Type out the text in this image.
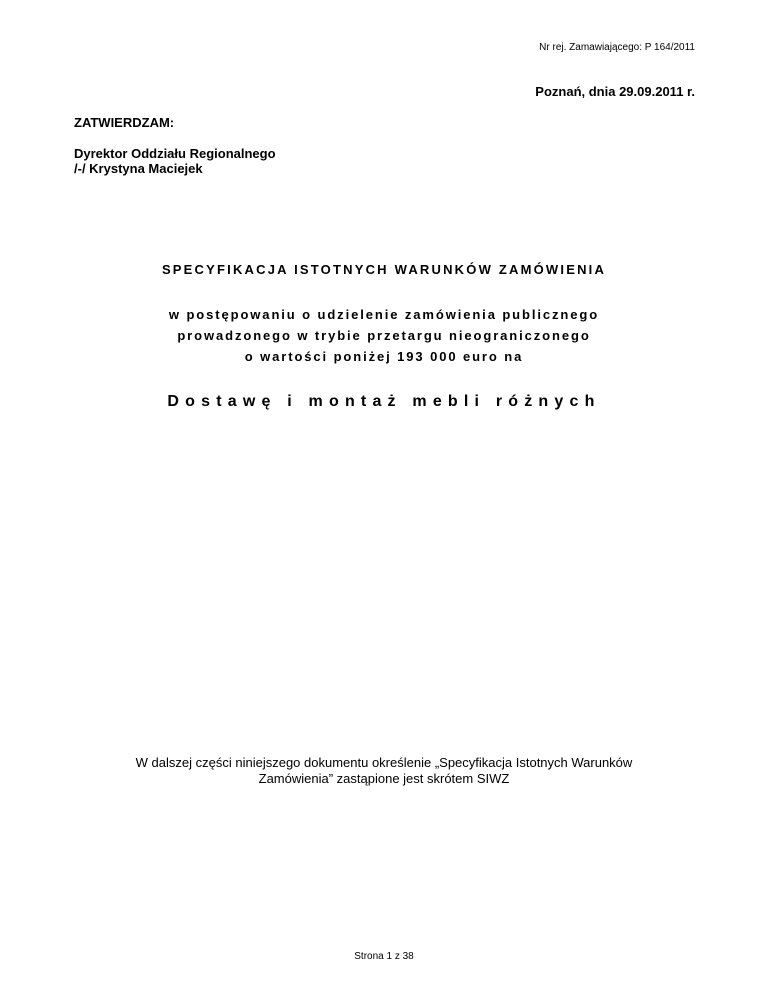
Nr rej. Zamawiającego: P 164/2011
Poznań, dnia 29.09.2011 r.
ZATWIERDZAM:
Dyrektor Oddziału Regionalnego
/-/ Krystyna Maciejek
SPECYFIKACJA ISTOTNYCH WARUNKÓW ZAMÓWIENIA
w postępowaniu o udzielenie zamówienia publicznego
prowadzonego w trybie przetargu nieograniczonego
o wartości poniżej 193 000 euro na
Dostawę i montaż mebli różnych
W dalszej części niniejszego dokumentu określenie „Specyfikacja Istotnych Warunków
Zamówienia” zastąpione jest skrótem SIWZ
Strona 1 z 38
